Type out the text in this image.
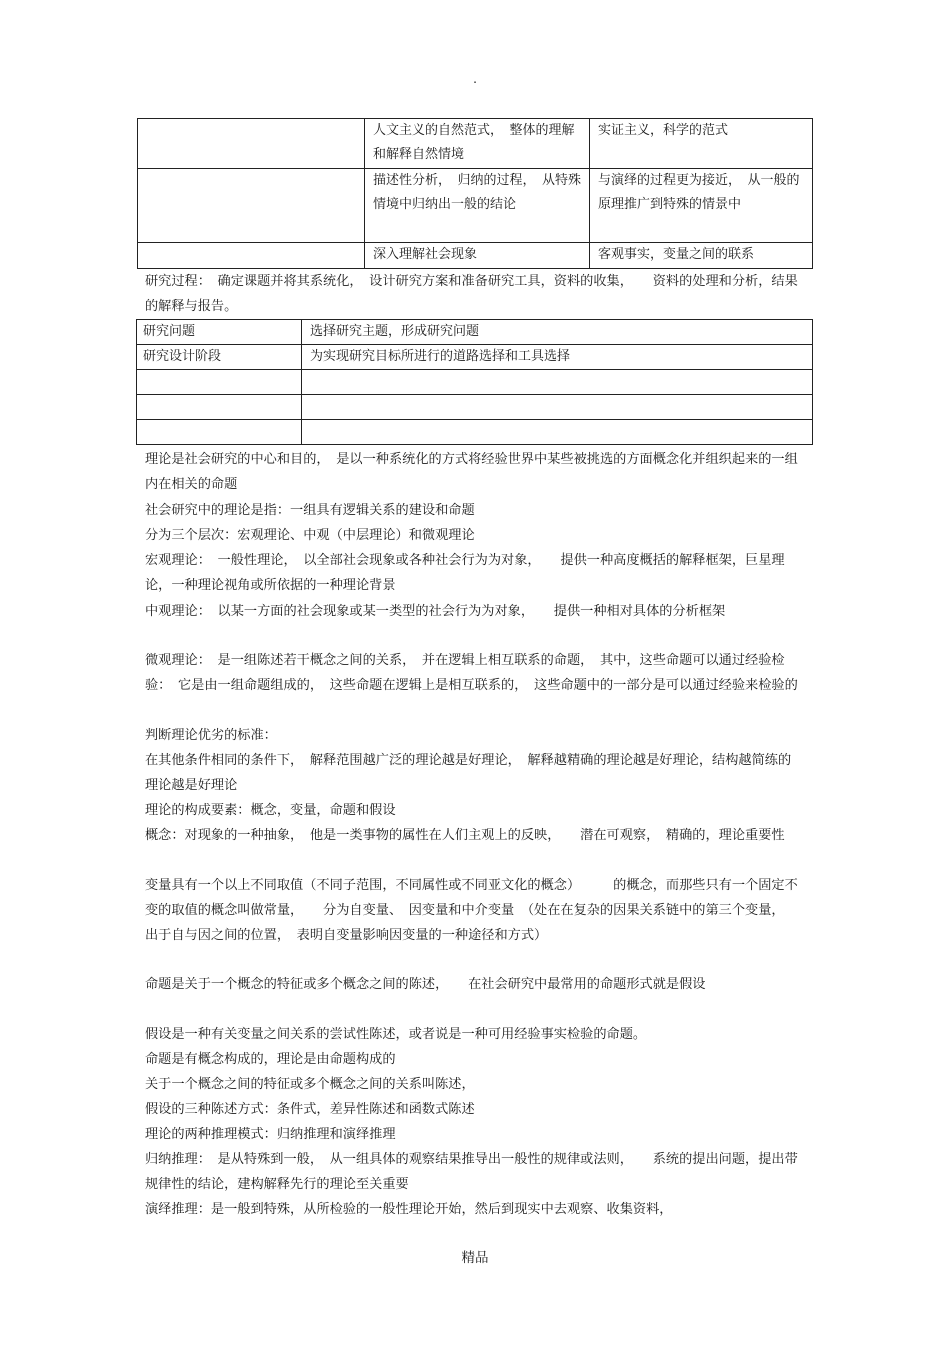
.
	人文主义的自然范式，　整体的理解和解释自然情境	实证主义，科学的范式
	描述性分析，　归纳的过程，　从特殊情境中归纳出一般的结论	与演绎的过程更为接近，　从一般的原理推广到特殊的情景中
	深入理解社会现象	客观事实，变量之间的联系
研究过程：　确定课题并将其系统化，　设计研究方案和准备研究工具，资料的收集，　　资料的处理和分析，结果的解释与报告。
研究问题	选择研究主题，形成研究问题
研究设计阶段	为实现研究目标所进行的道路选择和工具选择

理论是社会研究的中心和目的，　是以一种系统化的方式将经验世界中某些被挑选的方面概念化并组织起来的一组内在相关的命题
社会研究中的理论是指：一组具有逻辑关系的建设和命题
分为三个层次：宏观理论、中观（中层理论）和微观理论
宏观理论：　一般性理论，　以全部社会现象或各种社会行为为对象，　　提供一种高度概括的解释框架，巨星理论，一种理论视角或所依据的一种理论背景
中观理论：　以某一方面的社会现象或某一类型的社会行为为对象，　　提供一种相对具体的分析框架
微观理论：　是一组陈述若干概念之间的关系，　并在逻辑上相互联系的命题，　其中，这些命题可以通过经验检验：　它是由一组命题组成的，　这些命题在逻辑上是相互联系的，　这些命题中的一部分是可以通过经验来检验的
判断理论优劣的标准：
在其他条件相同的条件下，　解释范围越广泛的理论越是好理论，　解释越精确的理论越是好理论，结构越简练的理论越是好理论
理论的构成要素：概念，变量，命题和假设
概念：对现象的一种抽象，　他是一类事物的属性在人们主观上的反映，　　潜在可观察，　精确的，理论重要性
变量具有一个以上不同取值（不同子范围，不同属性或不同亚文化的概念）　　　的概念，而那些只有一个固定不变的取值的概念叫做常量，　　分为自变量、　因变量和中介变量　（处在在复杂的因果关系链中的第三个变量，　出于自与因之间的位置，　表明自变量影响因变量的一种途径和方式）
命题是关于一个概念的特征或多个概念之间的陈述，　　在社会研究中最常用的命题形式就是假设
假设是一种有关变量之间关系的尝试性陈述，或者说是一种可用经验事实检验的命题。
命题是有概念构成的，理论是由命题构成的
关于一个概念之间的特征或多个概念之间的关系叫陈述，
假设的三种陈述方式：条件式，差异性陈述和函数式陈述
理论的两种推理模式：归纳推理和演绎推理
归纳推理：　是从特殊到一般，　从一组具体的观察结果推导出一般性的规律或法则，　　系统的提出问题，提出带规律性的结论，建构解释先行的理论至关重要
演绎推理：是一般到特殊，从所检验的一般性理论开始，然后到现实中去观察、收集资料，
精品
